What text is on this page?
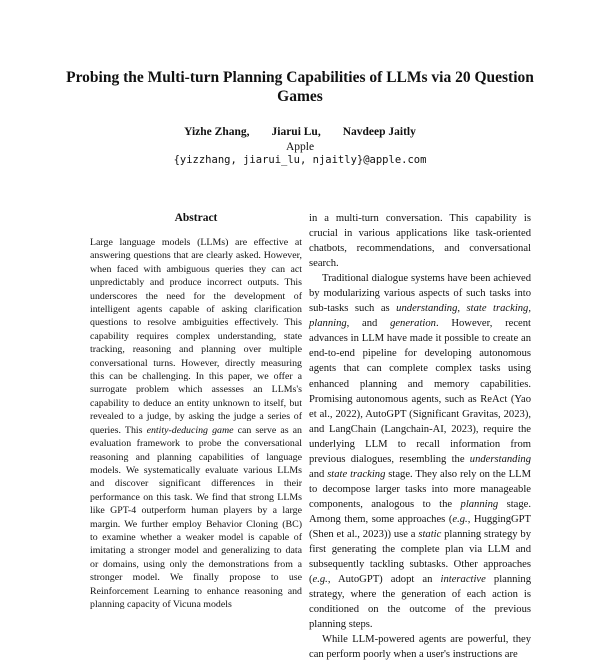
Probing the Multi-turn Planning Capabilities of LLMs via 20 Question Games
Yizhe Zhang, Jiarui Lu, Navdeep Jaitly
Apple
{yizzhang, jiarui_lu, njaitly}@apple.com
Abstract

Large language models (LLMs) are effective at answering questions that are clearly asked. However, when faced with ambiguous queries they can act unpredictably and produce incorrect outputs. This underscores the need for the development of intelligent agents capable of asking clarification questions to resolve ambiguities effectively. This capability requires complex understanding, state tracking, reasoning and planning over multiple conversational turns. However, directly measuring this can be challenging. In this paper, we offer a surrogate problem which assesses an LLMs's capability to deduce an entity unknown to itself, but revealed to a judge, by asking the judge a series of queries. This entity-deducing game can serve as an evaluation framework to probe the conversational reasoning and planning capabilities of language models. We systematically evaluate various LLMs and discover significant differences in their performance on this task. We find that strong LLMs like GPT-4 outperform human players by a large margin. We further employ Behavior Cloning (BC) to examine whether a weaker model is capable of imitating a stronger model and generalizing to data or domains, using only the demonstrations from a stronger model. We finally propose to use Reinforcement Learning to enhance reasoning and planning capacity of Vicuna models

in a multi-turn conversation. This capability is crucial in various applications like task-oriented chatbots, recommendations, and conversational search.

Traditional dialogue systems have been achieved by modularizing various aspects of such tasks into sub-tasks such as understanding, state tracking, planning, and generation. However, recent advances in LLM have made it possible to create an end-to-end pipeline for developing autonomous agents that can complete complex tasks using enhanced planning and memory capabilities. Promising autonomous agents, such as ReAct (Yao et al., 2022), AutoGPT (Significant Gravitas, 2023), and LangChain (Langchain-AI, 2023), require the underlying LLM to recall information from previous dialogues, resembling the understanding and state tracking stage. They also rely on the LLM to decompose larger tasks into more manageable components, analogous to the planning stage. Among them, some approaches (e.g., HuggingGPT (Shen et al., 2023)) use a static planning strategy by first generating the complete plan via LLM and subsequently tackling subtasks. Other approaches (e.g., AutoGPT) adopt an interactive planning strategy, where the generation of each action is conditioned on the outcome of the previous planning steps.

While LLM-powered agents are powerful, they can perform poorly when a user's instructions are
